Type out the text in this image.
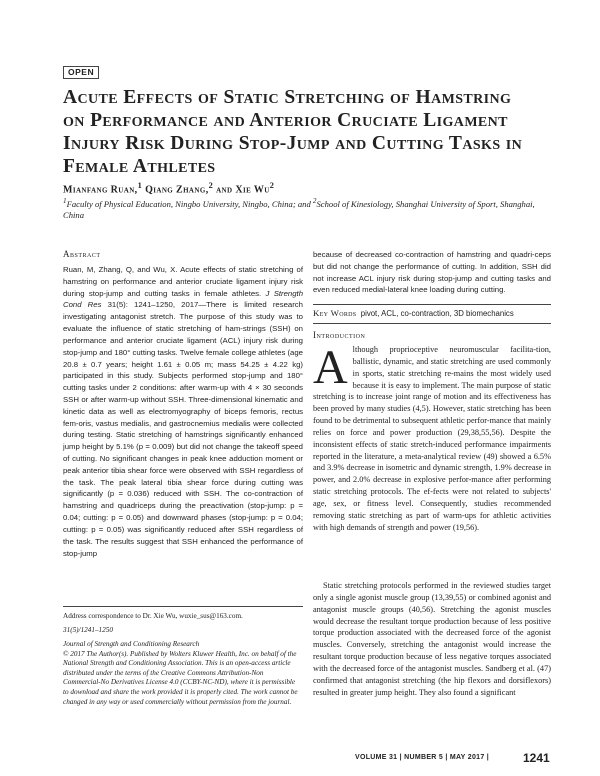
OPEN
Acute Effects of Static Stretching of Hamstring on Performance and Anterior Cruciate Ligament Injury Risk During Stop-Jump and Cutting Tasks in Female Athletes
Mianfang Ruan,$^1$ Qiang Zhang,$^2$ and Xie Wu$^2$
$^1$Faculty of Physical Education, Ningbo University, Ningbo, China; and $^2$School of Kinesiology, Shanghai University of Sport, Shanghai, China
Abstract

Ruan, M, Zhang, Q, and Wu, X. Acute effects of static stretching of hamstring on performance and anterior cruciate ligament injury risk during stop-jump and cutting tasks in female athletes. J Strength Cond Res 31(5): 1241–1250, 2017—There is limited research investigating antagonist stretch. The purpose of this study was to evaluate the influence of static stretching of ham-strings (SSH) on performance and anterior cruciate ligament (ACL) injury risk during stop-jump and 180° cutting tasks. Twelve female college athletes (age 20.8 ± 0.7 years; height 1.61 ± 0.05 m; mass 54.25 ± 4.22 kg) participated in this study. Subjects performed stop-jump and 180° cutting tasks under 2 conditions: after warm-up with 4 × 30 seconds SSH or after warm-up without SSH. Three-dimensional kinematic and kinetic data as well as electromyography of biceps femoris, rectus fem-oris, vastus medialis, and gastrocnemius medialis were collected during testing. Static stretching of hamstrings significantly enhanced jump height by 5.1% (p = 0.009) but did not change the takeoff speed of cutting. No significant changes in peak knee adduction moment or peak anterior tibia shear force were observed with SSH regardless of the task. The peak lateral tibia shear force during cutting was significantly (p = 0.036) reduced with SSH. The co-contraction of hamstring and quadriceps during the preactivation (stop-jump: p = 0.04; cutting: p = 0.05) and downward phases (stop-jump: p = 0.04; cutting: p = 0.05) was significantly reduced after SSH regardless of the task. The results suggest that SSH enhanced the performance of stop-jump

because of decreased co-contraction of hamstring and quadri-ceps but did not change the performance of cutting. In addition, SSH did not increase ACL injury risk during stop-jump and cutting tasks and even reduced medial-lateral knee loading during cutting.

Key Words pivot, ACL, co-contraction, 3D biomechanics
Introduction

Although proprioceptive neuromuscular facilita-tion, ballistic, dynamic, and static stretching are used commonly in sports, static stretching re-mains the most widely used because it is easy to implement. The main purpose of static stretching is to increase joint range of motion and its effectiveness has been proved by many studies (4,5). However, static stretching has been found to be detrimental to subsequent athletic perfor-mance that mainly relies on force and power production (29,38,55,56). Despite the inconsistent effects of static stretch-induced performance impairments reported in the literature, a meta-analytical review (49) showed a 6.5% and 3.9% decrease in isometric and dynamic strength, 1.9% decrease in power, and 2.0% decrease in explosive perfor-mance after performing static stretching protocols. The ef-fects were not related to subjects' age, sex, or fitness level. Consequently, studies recommended removing static stretching as part of warm-ups for athletic activities with high demands of strength and power (19,56).

Static stretching protocols performed in the reviewed studies target only a single agonist muscle group (13,39,55) or combined agonist and antagonist muscle groups (40,56). Stretching the agonist muscles would decrease the resultant torque production because of less positive torque production associated with the decreased force of the agonist muscles. Conversely, stretching the antagonist would increase the resultant torque production because of less negative torques associated with the decreased force of the antagonist muscles. Sandberg et al. (47) confirmed that antagonist stretching (the hip flexors and dorsiflexors) resulted in greater jump height. They also found a significant

Address correspondence to Dr. Xie Wu, wuxie_sus@163.com.
31(5)/1241–1250

Journal of Strength and Conditioning Research
© 2017 The Author(s). Published by Wolters Kluwer Health, Inc. on behalf of the National Strength and Conditioning Association. This is an open-access article distributed under the terms of the Creative Commons Attribution-Non Commercial-No Derivatives License 4.0 (CCBY-NC-ND), where it is permissible to download and share the work provided it is properly cited. The work cannot be changed in any way or used commercially without permission from the journal.

VOLUME 31 | NUMBER 5 | MAY 2017 |	1241
